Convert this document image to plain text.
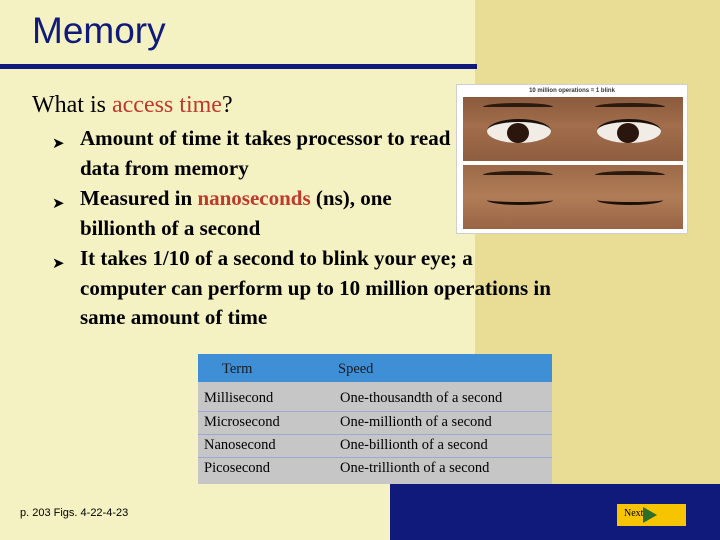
Memory
What is access time?
➤ Amount of time it takes processor to read data from memory
➤ Measured in nanoseconds (ns), one billionth of a second
➤ It takes 1/10 of a second to blink your eye; a computer can perform up to 10 million operations in same amount of time
10 million operations = 1 blink
Term	Speed
Millisecond	One-thousandth of a second
Microsecond	One-millionth of a second
Nanosecond	One-billionth of a second
Picosecond	One-trillionth of a second
p. 203 Figs. 4-22-4-23	Next
